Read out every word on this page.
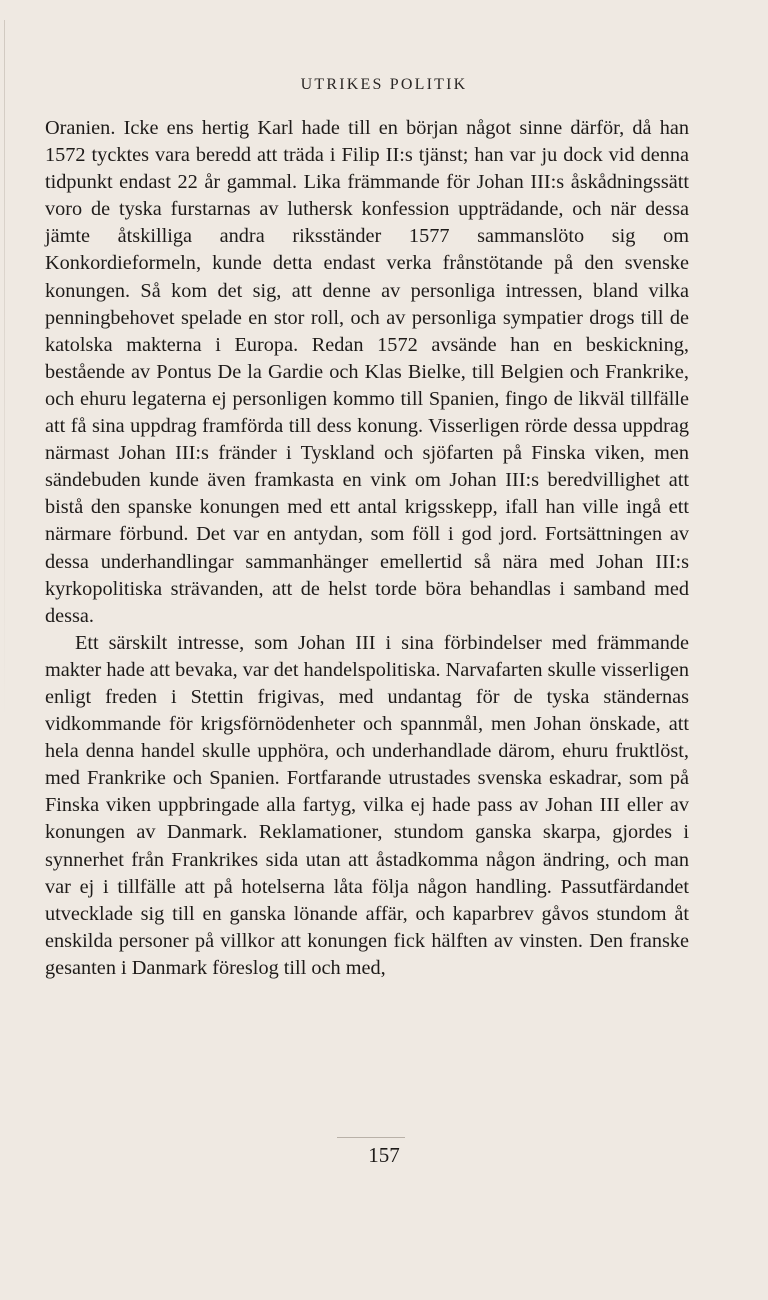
UTRIKES POLITIK

Oranien. Icke ens hertig Karl hade till en början något sinne därför, då han 1572 tycktes vara beredd att träda i Filip II:s tjänst; han var ju dock vid denna tidpunkt endast 22 år gammal. Lika främmande för Johan III:s åskådningssätt voro de tyska furstarnas av luthersk konfession uppträdande, och när dessa jämte åtskilliga andra riksständer 1577 sammanslöto sig om Konkordieformeln, kunde detta endast verka frånstötande på den svenske konungen. Så kom det sig, att denne av personliga intressen, bland vilka penningbehovet spelade en stor roll, och av personliga sympatier drogs till de katolska makterna i Europa. Redan 1572 avsände han en beskickning, bestående av Pontus De la Gardie och Klas Bielke, till Belgien och Frankrike, och ehuru legaterna ej personligen kommo till Spanien, fingo de likväl tillfälle att få sina uppdrag framförda till dess konung. Visserligen rörde dessa uppdrag närmast Johan III:s fränder i Tyskland och sjöfarten på Finska viken, men sändebuden kunde även framkasta en vink om Johan III:s beredvillighet att bistå den spanske konungen med ett antal krigsskepp, ifall han ville ingå ett närmare förbund. Det var en antydan, som föll i god jord. Fortsättningen av dessa underhandlingar sammanhänger emellertid så nära med Johan III:s kyrkopolitiska strävanden, att de helst torde böra behandlas i samband med dessa.

Ett särskilt intresse, som Johan III i sina förbindelser med främmande makter hade att bevaka, var det handelspolitiska. Narvafarten skulle visserligen enligt freden i Stettin frigivas, med undantag för de tyska ständernas vidkommande för krigsförnödenheter och spannmål, men Johan önskade, att hela denna handel skulle upphöra, och underhandlade därom, ehuru fruktlöst, med Frankrike och Spanien. Fortfarande utrustades svenska eskadrar, som på Finska viken uppbringade alla fartyg, vilka ej hade pass av Johan III eller av konungen av Danmark. Reklamationer, stundom ganska skarpa, gjordes i synnerhet från Frankrikes sida utan att åstadkomma någon ändring, och man var ej i tillfälle att på hotelserna låta följa någon handling. Passutfärdandet utvecklade sig till en ganska lönande affär, och kaparbrev gåvos stundom åt enskilda personer på villkor att konungen fick hälften av vinsten. Den franske gesanten i Danmark föreslog till och med,

157
